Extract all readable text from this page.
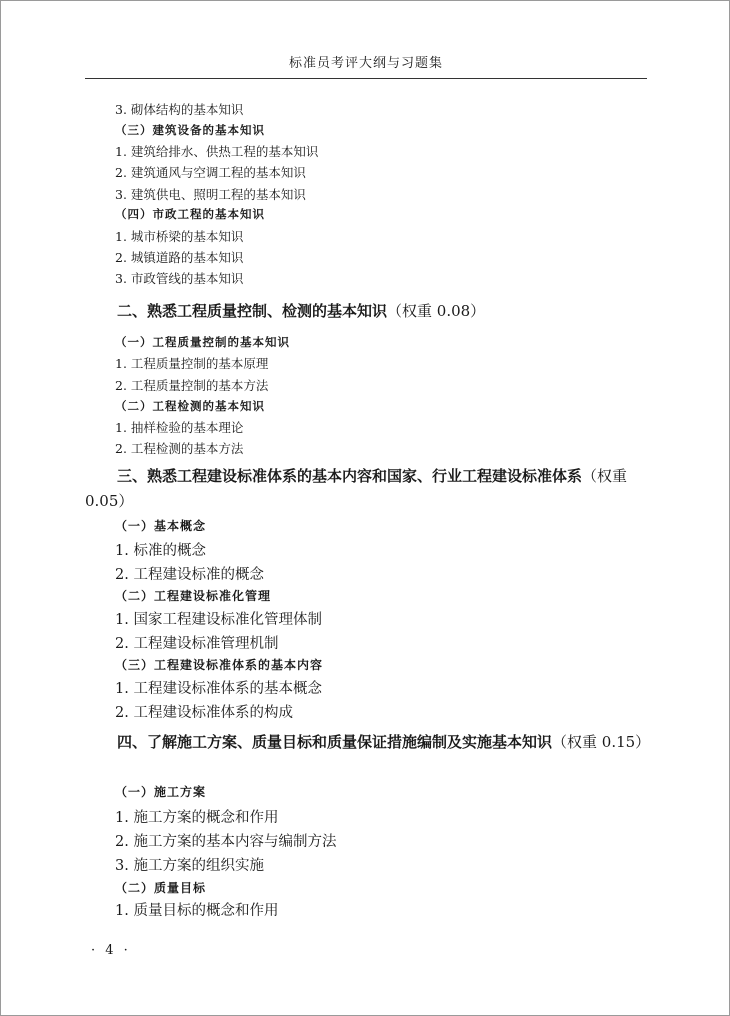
标准员考评大纲与习题集
3. 砌体结构的基本知识
（三）建筑设备的基本知识
1. 建筑给排水、供热工程的基本知识
2. 建筑通风与空调工程的基本知识
3. 建筑供电、照明工程的基本知识
（四）市政工程的基本知识
1. 城市桥梁的基本知识
2. 城镇道路的基本知识
3. 市政管线的基本知识
二、熟悉工程质量控制、检测的基本知识（权重 0.08）
（一）工程质量控制的基本知识
1. 工程质量控制的基本原理
2. 工程质量控制的基本方法
（二）工程检测的基本知识
1. 抽样检验的基本理论
2. 工程检测的基本方法
三、熟悉工程建设标准体系的基本内容和国家、行业工程建设标准体系（权重 0.05）
（一）基本概念
1. 标准的概念
2. 工程建设标准的概念
（二）工程建设标准化管理
1. 国家工程建设标准化管理体制
2. 工程建设标准管理机制
（三）工程建设标准体系的基本内容
1. 工程建设标准体系的基本概念
2. 工程建设标准体系的构成
四、了解施工方案、质量目标和质量保证措施编制及实施基本知识（权重 0.15）
（一）施工方案
1. 施工方案的概念和作用
2. 施工方案的基本内容与编制方法
3. 施工方案的组织实施
（二）质量目标
1. 质量目标的概念和作用
· 4 ·
